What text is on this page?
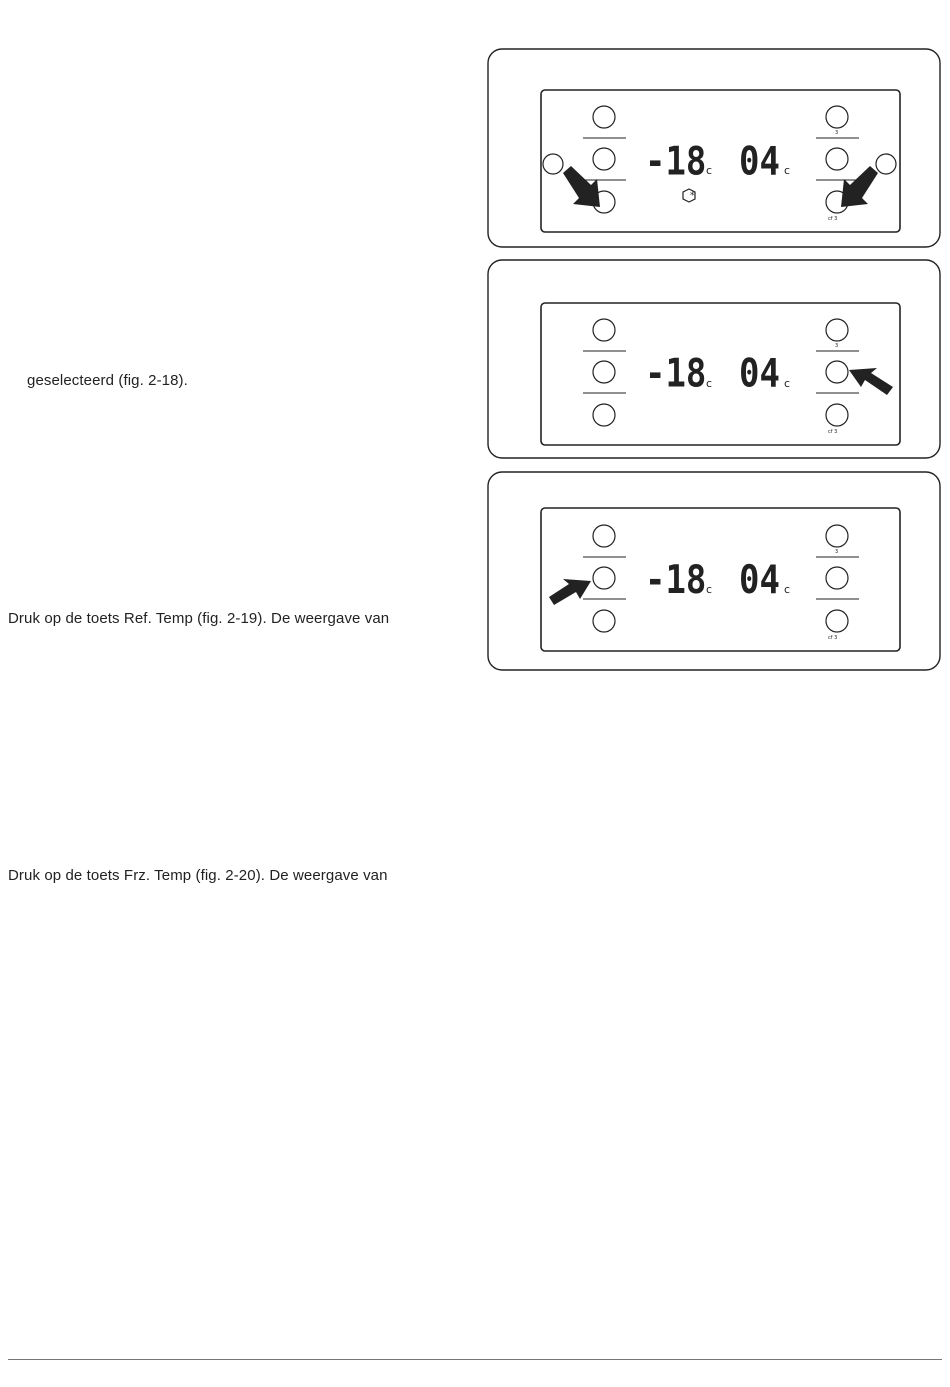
geselecteerd (fig. 2-18).
Druk op de toets Ref. Temp (fig. 2-19). De weergave van
Druk op de toets Frz. Temp (fig. 2-20). De weergave van
3
cf 3
-18 04
c	c
*
3
cf 3
-18 04
c	c
3
cf 3
-18 04
c	c
